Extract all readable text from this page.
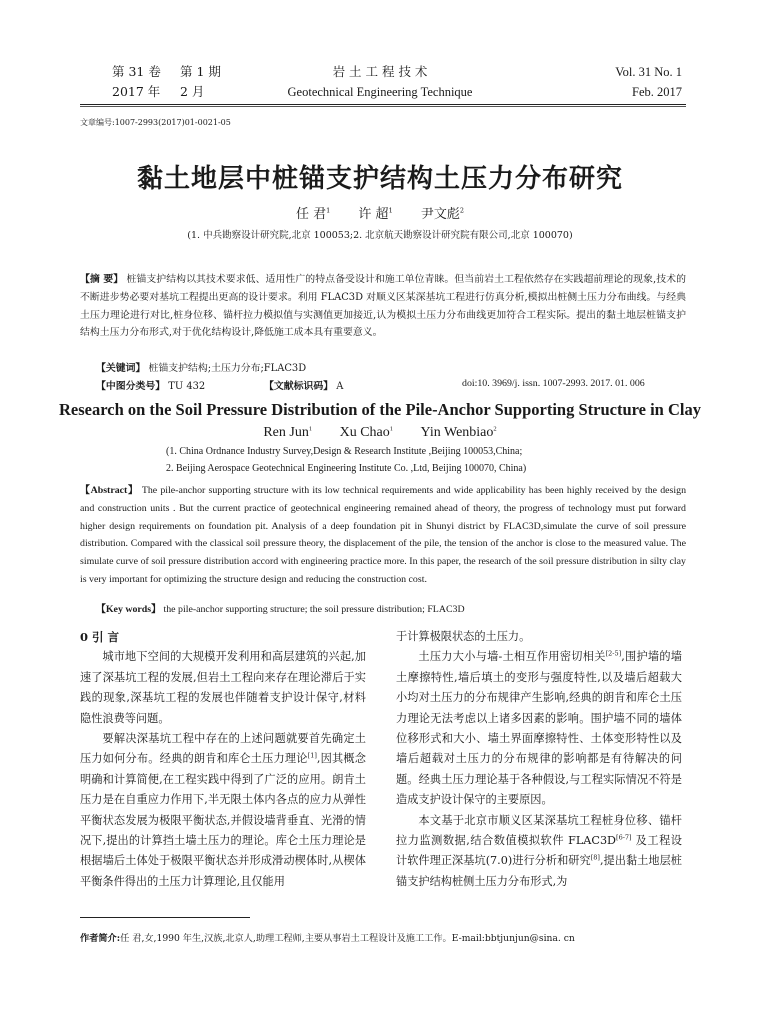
第 31 卷 第 1 期
2017 年 2 月
岩 土 工 程 技 术
Geotechnical Engineering Technique
Vol. 31 No. 1
Feb. 2017
文章编号:1007-2993(2017)01-0021-05
黏土地层中桩锚支护结构土压力分布研究
任 君$^1$ 许 超$^1$ 尹文彪$^2$
(1. 中兵勘察设计研究院,北京 100053;2. 北京航天勘察设计研究院有限公司,北京 100070)
【摘 要】 桩锚支护结构以其技术要求低、适用性广的特点备受设计和施工单位青睐。但当前岩土工程依然存在实践超前理论的现象,技术的不断进步势必要对基坑工程提出更高的设计要求。利用 FLAC3D 对顺义区某深基坑工程进行仿真分析,模拟出桩侧土压力分布曲线。与经典土压力理论进行对比,桩身位移、锚杆拉力模拟值与实测值更加接近,认为模拟土压力分布曲线更加符合工程实际。提出的黏土地层桩锚支护结构土压力分布形式,对于优化结构设计,降低施工成本具有重要意义。
【关键词】 桩锚支护结构;土压力分布;FLAC3D
【中图分类号】 TU 432	【文献标识码】 A	doi:10. 3969/j. issn. 1007-2993. 2017. 01. 006
Research on the Soil Pressure Distribution of the Pile-Anchor Supporting Structure in Clay
Ren Jun$^1$ Xu Chao$^1$ Yin Wenbiao$^2$
(1. China Ordnance Industry Survey,Design & Research Institute ,Beijing 100053,China;
2. Beijing Aerospace Geotechnical Engineering Institute Co. ,Ltd, Beijing 100070, China)
【Abstract】 The pile-anchor supporting structure with its low technical requirements and wide applicability has been highly received by the design and construction units . But the current practice of geotechnical engineering remained ahead of theory, the progress of technology must put forward higher design requirements on foundation pit. Analysis of a deep foundation pit in Shunyi district by FLAC3D,simulate the curve of soil pressure distribution. Compared with the classical soil pressure theory, the displacement of the pile, the tension of the anchor is close to the measured value. The simulate curve of soil pressure distribution accord with engineering practice more. In this paper, the research of the soil pressure distribution in silty clay is very important for optimizing the structure design and reducing the construction cost.
【Key words】 the pile-anchor supporting structure; the soil pressure distribution; FLAC3D
0 引 言

城市地下空间的大规模开发利用和高层建筑的兴起,加速了深基坑工程的发展,但岩土工程向来存在理论滞后于实践的现象,深基坑工程的发展也伴随着支护设计保守,材料隐性浪费等问题。

要解决深基坑工程中存在的上述问题就要首先确定土压力如何分布。经典的朗肯和库仑土压力理论[1],因其概念明确和计算简便,在工程实践中得到了广泛的应用。朗肯土压力是在自重应力作用下,半无限土体内各点的应力从弹性平衡状态发展为极限平衡状态,并假设墙背垂直、光滑的情况下,提出的计算挡土墙土压力的理论。库仑土压力理论是根据墙后土体处于极限平衡状态并形成滑动楔体时,从楔体平衡条件得出的土压力计算理论,且仅能用

于计算极限状态的土压力。

土压力大小与墙-土相互作用密切相关[2-5],围护墙的墙土摩擦特性,墙后填土的变形与强度特性,以及墙后超载大小均对土压力的分布规律产生影响,经典的朗肯和库仑土压力理论无法考虑以上诸多因素的影响。围护墙不同的墙体位移形式和大小、墙土界面摩擦特性、土体变形特性以及墙后超载对土压力的分布规律的影响都是有待解决的问题。经典土压力理论基于各种假设,与工程实际情况不符是造成支护设计保守的主要原因。

本文基于北京市顺义区某深基坑工程桩身位移、锚杆拉力监测数据,结合数值模拟软件 FLAC3D[6-7] 及工程设计软件理正深基坑(7.0)进行分析和研究[8],提出黏土地层桩锚支护结构桩侧土压力分布形式,为

作者简介:任 君,女,1990 年生,汉族,北京人,助理工程师,主要从事岩土工程设计及施工工作。E-mail:bbtjunjun@sina. cn
